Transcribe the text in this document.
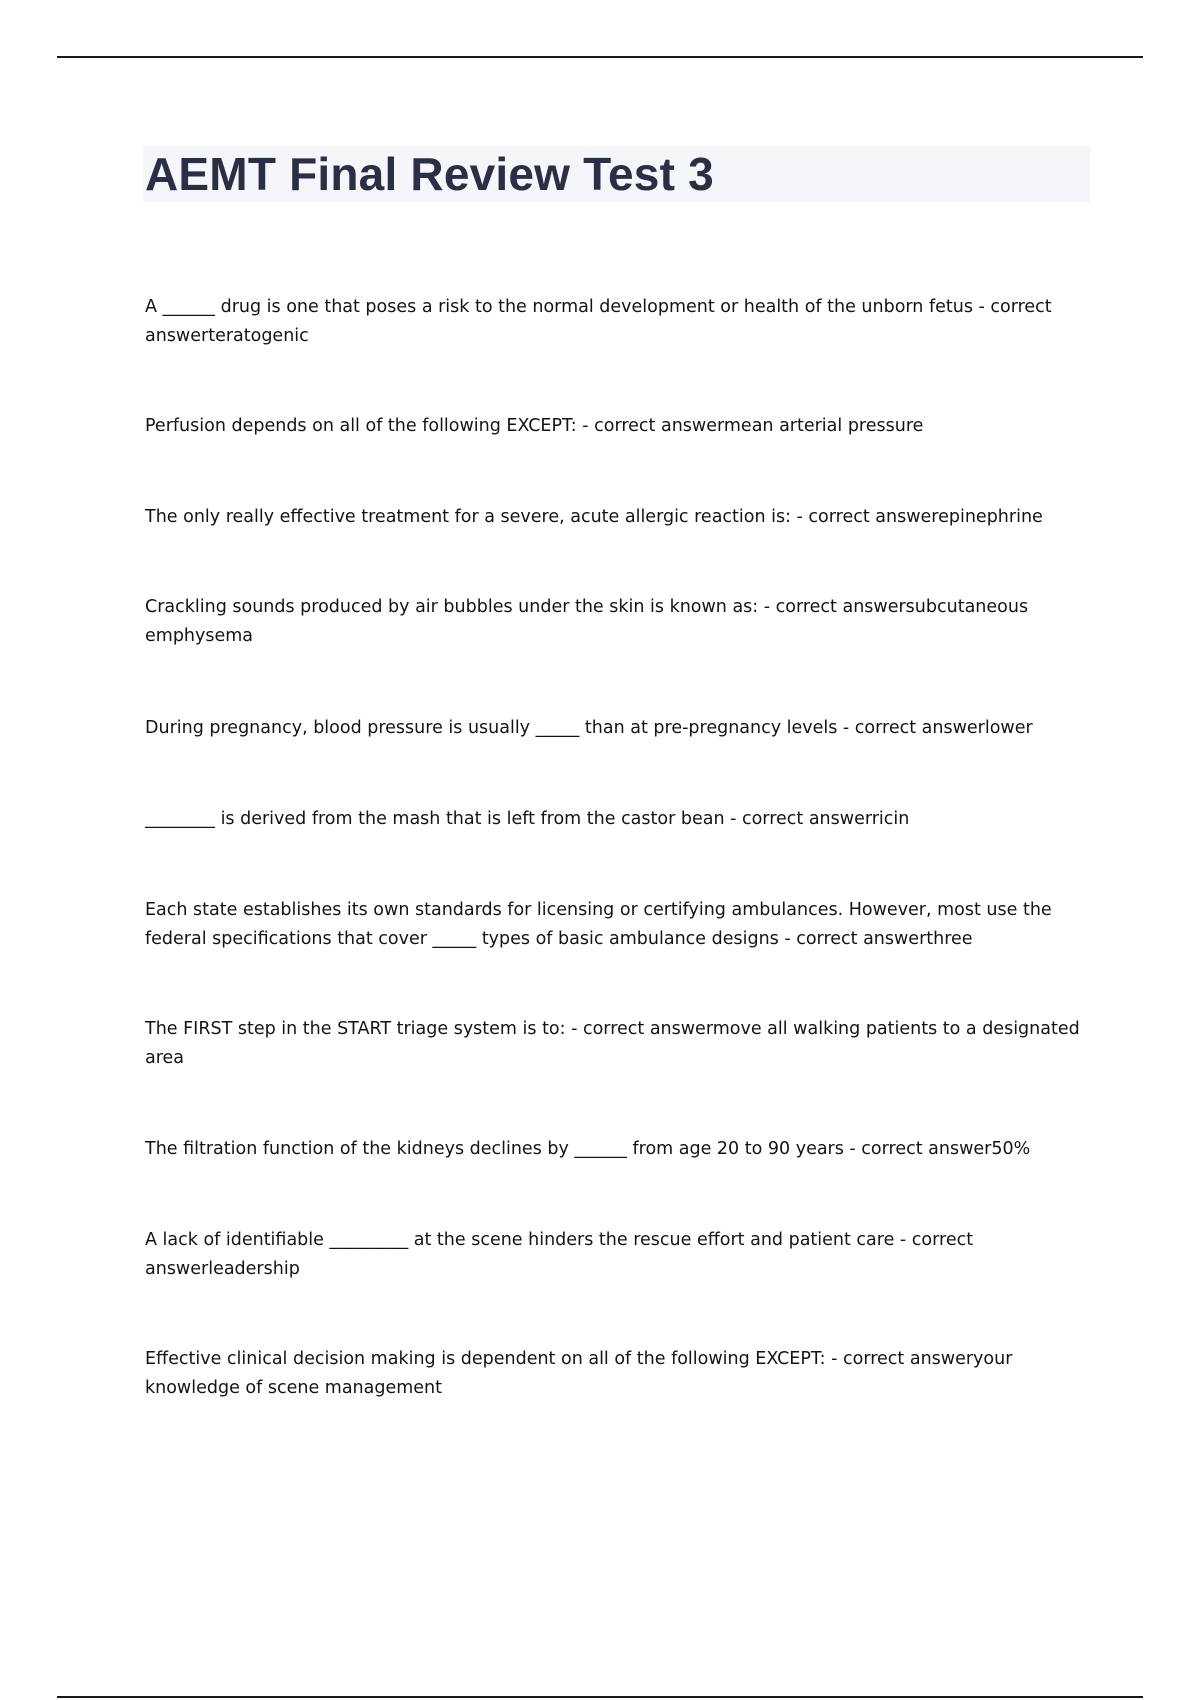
AEMT Final Review Test 3

A ______ drug is one that poses a risk to the normal development or health of the unborn fetus - correct answerteratogenic

Perfusion depends on all of the following EXCEPT: - correct answermean arterial pressure

The only really effective treatment for a severe, acute allergic reaction is: - correct answerepinephrine

Crackling sounds produced by air bubbles under the skin is known as: - correct answersubcutaneous emphysema

During pregnancy, blood pressure is usually _____ than at pre-pregnancy levels - correct answerlower

________ is derived from the mash that is left from the castor bean - correct answerricin

Each state establishes its own standards for licensing or certifying ambulances. However, most use the federal specifications that cover _____ types of basic ambulance designs - correct answerthree

The FIRST step in the START triage system is to: - correct answermove all walking patients to a designated area

The filtration function of the kidneys declines by ______ from age 20 to 90 years - correct answer50%

A lack of identifiable _________ at the scene hinders the rescue effort and patient care - correct answerleadership

Effective clinical decision making is dependent on all of the following EXCEPT: - correct answeryour knowledge of scene management
